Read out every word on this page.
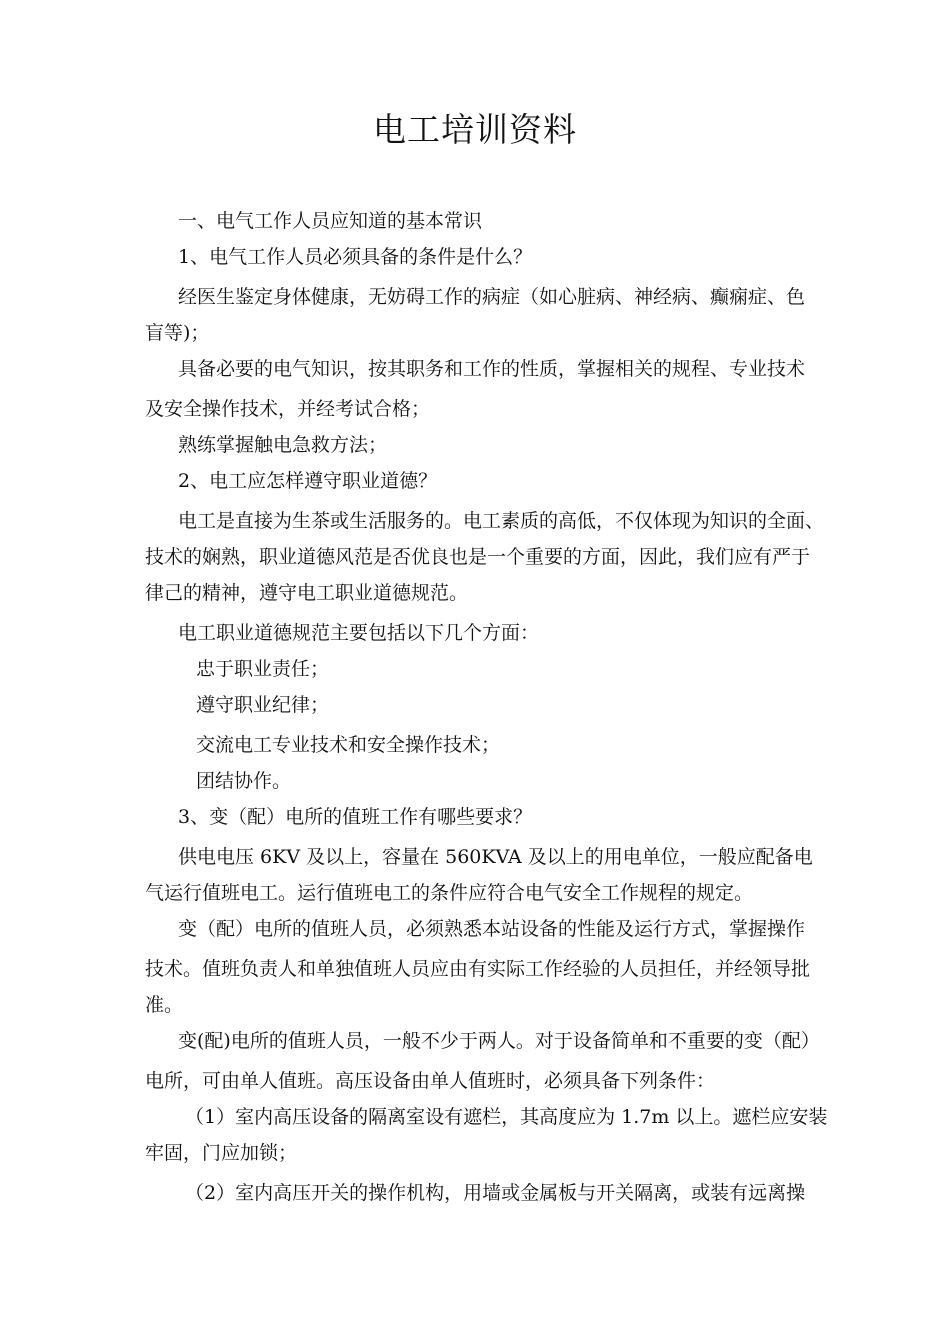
电工培训资料
一、电气工作人员应知道的基本常识
1、电气工作人员必须具备的条件是什么？
经医生鉴定身体健康，无妨碍工作的病症（如心脏病、神经病、癫痫症、色
盲等)；
具备必要的电气知识，按其职务和工作的性质，掌握相关的规程、专业技术
及安全操作技术，并经考试合格；
熟练掌握触电急救方法；
2、电工应怎样遵守职业道德？
电工是直接为生茶或生活服务的。电工素质的高低，不仅体现为知识的全面、
技术的娴熟，职业道德风范是否优良也是一个重要的方面，因此，我们应有严于
律己的精神，遵守电工职业道德规范。
电工职业道德规范主要包括以下几个方面：
忠于职业责任；
遵守职业纪律；
交流电工专业技术和安全操作技术；
团结协作。
3、变（配）电所的值班工作有哪些要求？
供电电压 6KV 及以上，容量在 560KVA 及以上的用电单位，一般应配备电
气运行值班电工。运行值班电工的条件应符合电气安全工作规程的规定。
变（配）电所的值班人员，必须熟悉本站设备的性能及运行方式，掌握操作
技术。值班负责人和单独值班人员应由有实际工作经验的人员担任，并经领导批
准。
变(配)电所的值班人员，一般不少于两人。对于设备简单和不重要的变（配）
电所，可由单人值班。高压设备由单人值班时，必须具备下列条件：
（1）室内高压设备的隔离室设有遮栏，其高度应为 1.7m 以上。遮栏应安装
牢固，门应加锁；
（2）室内高压开关的操作机构，用墙或金属板与开关隔离，或装有远离操
